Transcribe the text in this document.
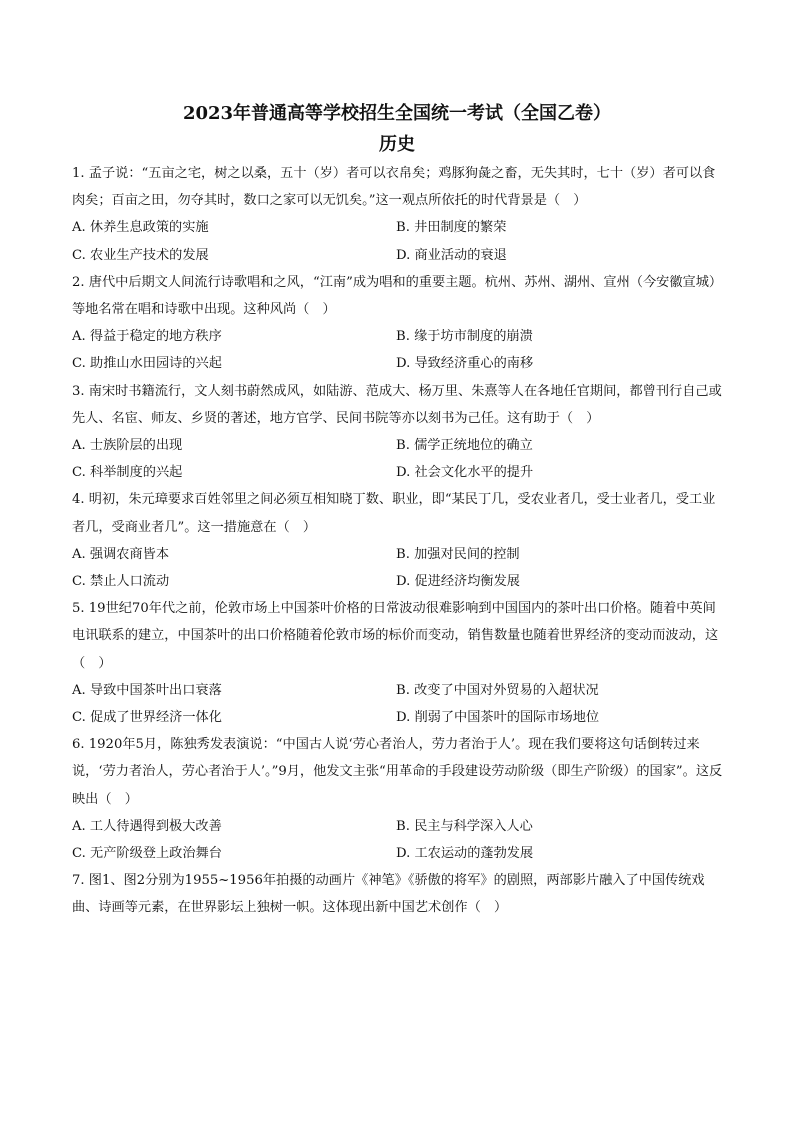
2023年普通高等学校招生全国统一考试（全国乙卷）
历史

1. 孟子说：“五亩之宅，树之以桑，五十（岁）者可以衣帛矣；鸡豚狗彘之畜，无失其时，七十（岁）者可以食肉矣；百亩之田，勿夺其时，数口之家可以无饥矣。”这一观点所依托的时代背景是（　）

A. 休养生息政策的实施	B. 井田制度的繁荣
C. 农业生产技术的发展	D. 商业活动的衰退

2. 唐代中后期文人间流行诗歌唱和之风，“江南”成为唱和的重要主题。杭州、苏州、湖州、宣州（今安徽宣城）等地名常在唱和诗歌中出现。这种风尚（　）

A. 得益于稳定的地方秩序	B. 缘于坊市制度的崩溃
C. 助推山水田园诗的兴起	D. 导致经济重心的南移

3. 南宋时书籍流行，文人刻书蔚然成风，如陆游、范成大、杨万里、朱熹等人在各地任官期间，都曾刊行自己或先人、名宦、师友、乡贤的著述，地方官学、民间书院等亦以刻书为己任。这有助于（　）

A. 士族阶层的出现	B. 儒学正统地位的确立
C. 科举制度的兴起	D. 社会文化水平的提升

4. 明初，朱元璋要求百姓邻里之间必须互相知晓丁数、职业，即“某民丁几，受农业者几，受士业者几，受工业者几，受商业者几”。这一措施意在（　）

A. 强调农商皆本	B. 加强对民间的控制
C. 禁止人口流动	D. 促进经济均衡发展

5. 19世纪70年代之前，伦敦市场上中国茶叶价格的日常波动很难影响到中国国内的茶叶出口价格。随着中英间电讯联系的建立，中国茶叶的出口价格随着伦敦市场的标价而变动，销售数量也随着世界经济的变动而波动，这（　）

A. 导致中国茶叶出口衰落	B. 改变了中国对外贸易的入超状况
C. 促成了世界经济一体化	D. 削弱了中国茶叶的国际市场地位

6. 1920年5月，陈独秀发表演说：“中国古人说‘劳心者治人，劳力者治于人’。现在我们要将这句话倒转过来说，‘劳力者治人，劳心者治于人’。”9月，他发文主张“用革命的手段建设劳动阶级（即生产阶级）的国家”。这反映出（　）

A. 工人待遇得到极大改善	B. 民主与科学深入人心
C. 无产阶级登上政治舞台	D. 工农运动的蓬勃发展

7. 图1、图2分别为1955~1956年拍摄的动画片《神笔》《骄傲的将军》的剧照，两部影片融入了中国传统戏曲、诗画等元素，在世界影坛上独树一帜。这体现出新中国艺术创作（　）
